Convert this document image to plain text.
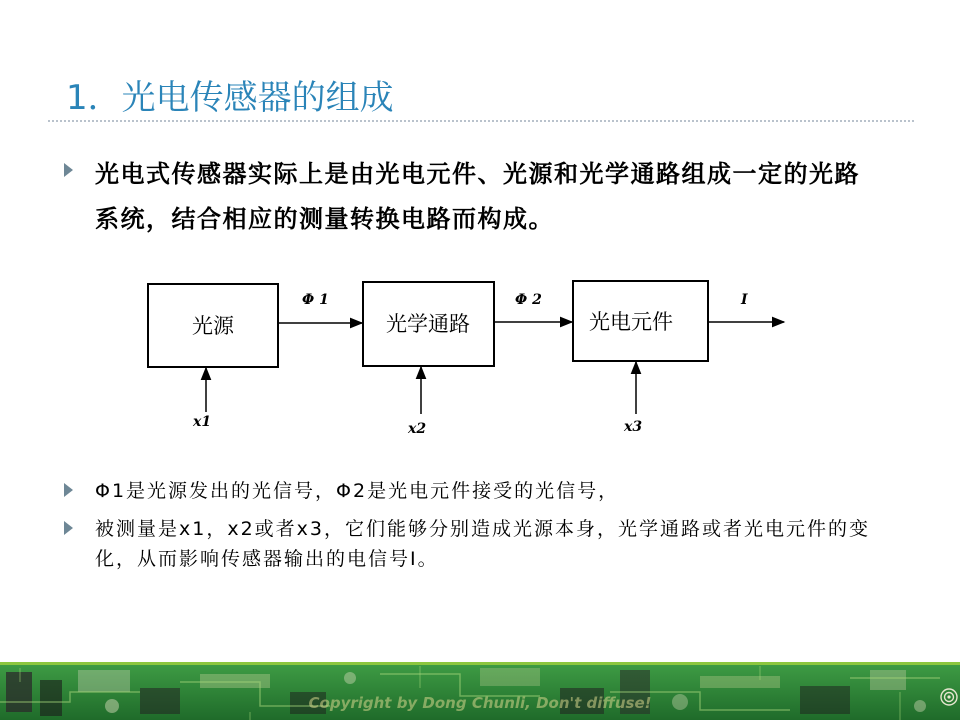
1．光电传感器的组成
光电式传感器实际上是由光电元件、光源和光学通路组成一定的光路系统，结合相应的测量转换电路而构成。
光源	光学通路	光电元件
Φ 1	Φ 2	I
x1	x2	x3
Φ1是光源发出的光信号，Φ2是光电元件接受的光信号，
被测量是x1，x2或者x3，它们能够分别造成光源本身，光学通路或者光电元件的变化，从而影响传感器输出的电信号I。
Copyright by Dong Chunli, Don't diffuse!
